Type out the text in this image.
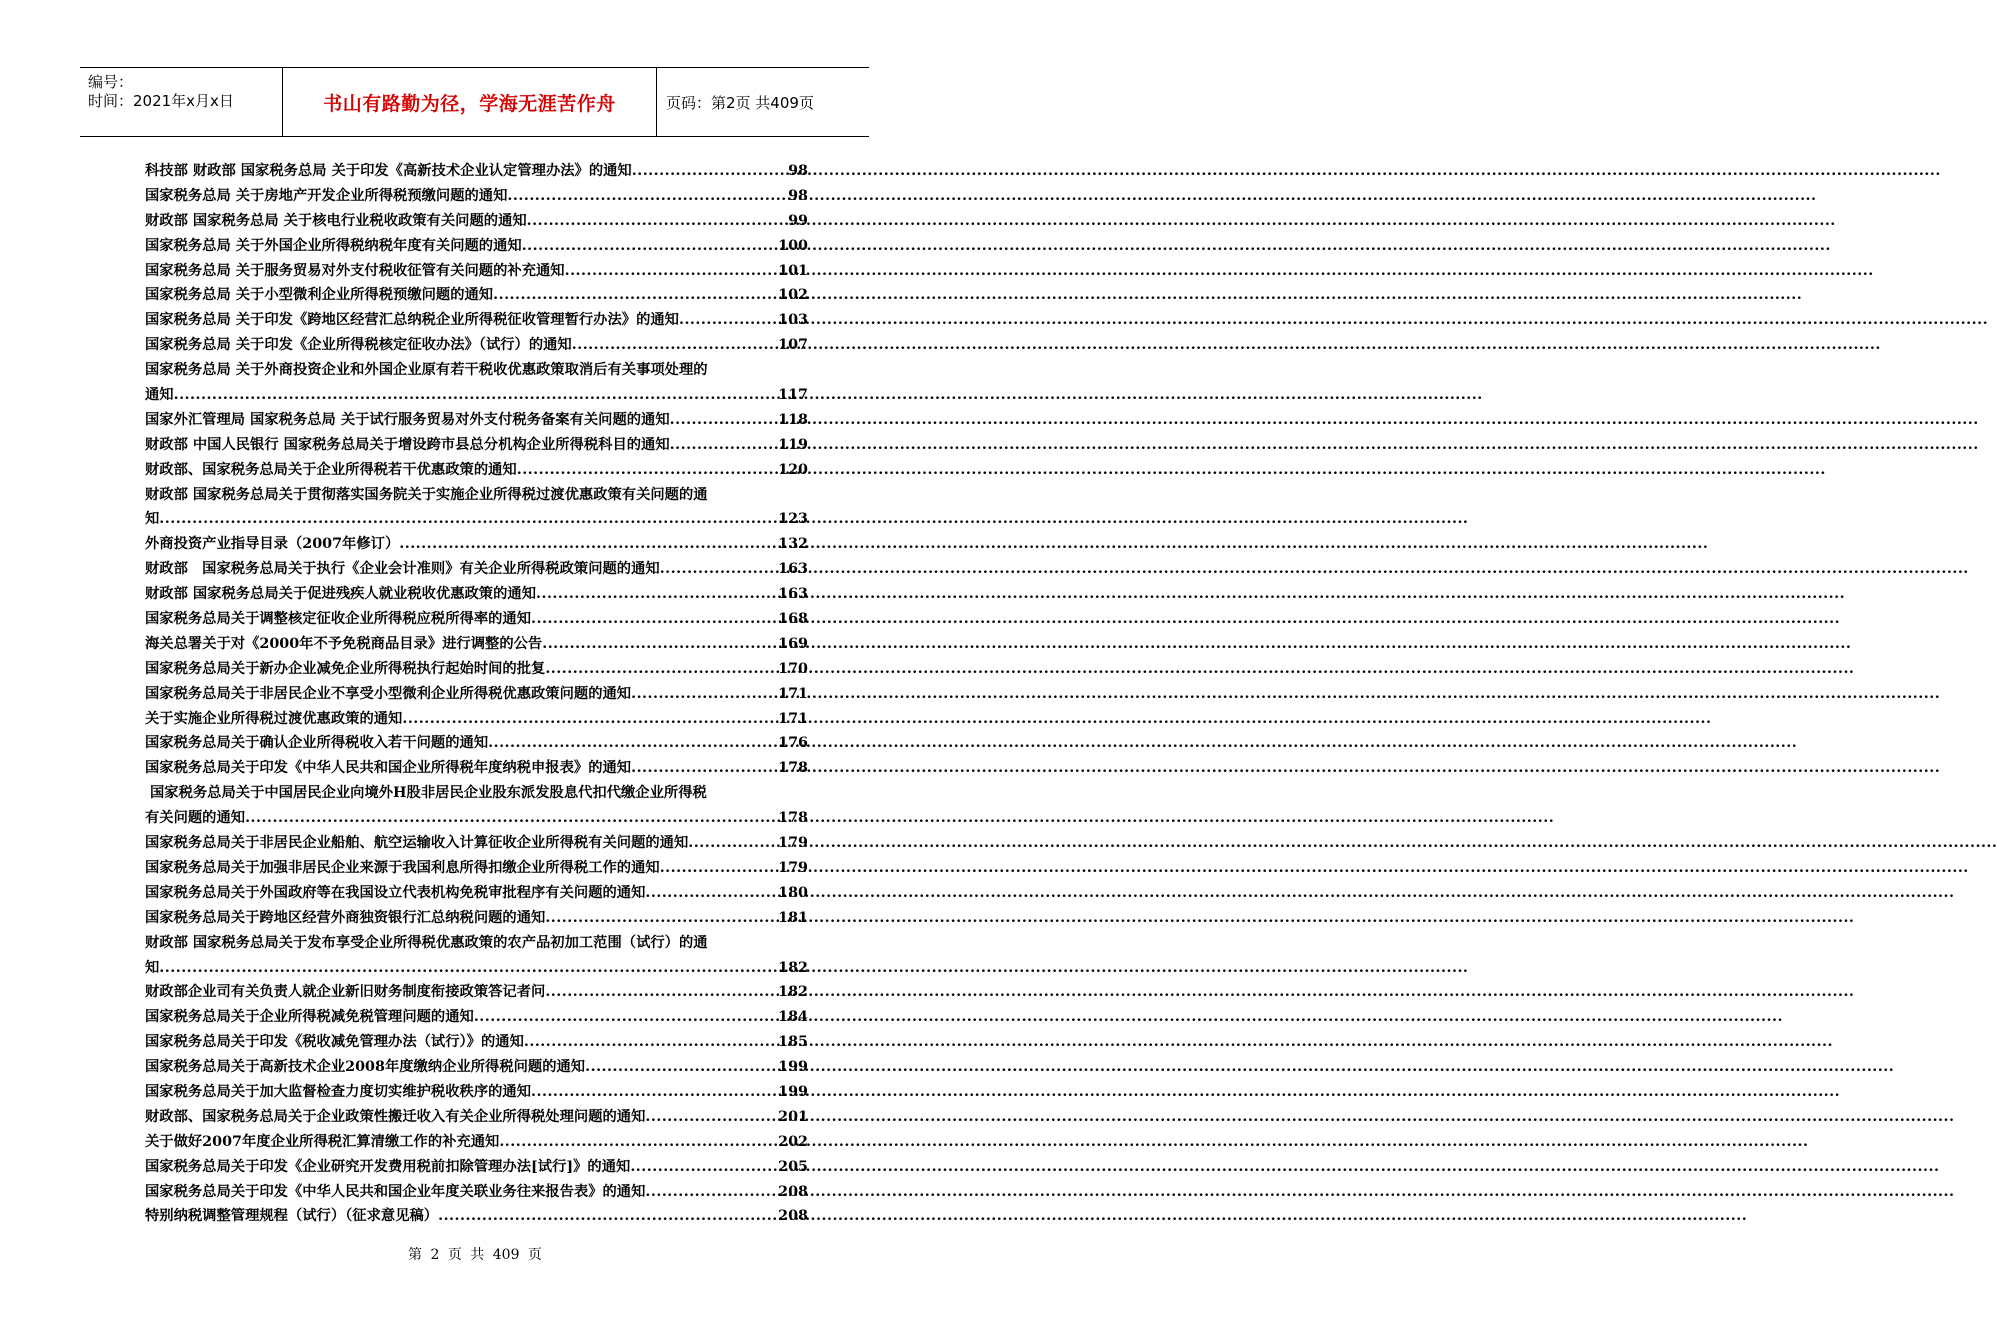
编号：
时间：2021年x月x日	书山有路勤为径，学海无涯苦作舟	页码：第2页 共409页
科技部 财政部 国家税务总局 关于印发《高新技术企业认定管理办法》的通知 .....	98
国家税务总局 关于房地产开发企业所得税预缴问题的通知 .....	98
财政部 国家税务总局 关于核电行业税收政策有关问题的通知 .....	99
国家税务总局 关于外国企业所得税纳税年度有关问题的通知 .....	100
国家税务总局 关于服务贸易对外支付税收征管有关问题的补充通知 .....	101
国家税务总局 关于小型微利企业所得税预缴问题的通知 .....	102
国家税务总局 关于印发《跨地区经营汇总纳税企业所得税征收管理暂行办法》的通知 .....	103
国家税务总局 关于印发《企业所得税核定征收办法》（试行）的通知 .....	107
国家税务总局 关于外商投资企业和外国企业原有若干税收优惠政策取消后有关事项处理的
通知 .....	117
国家外汇管理局 国家税务总局 关于试行服务贸易对外支付税务备案有关问题的通知 .....	118
财政部 中国人民银行 国家税务总局关于增设跨市县总分机构企业所得税科目的通知 .....	119
财政部、国家税务总局关于企业所得税若干优惠政策的通知 .....	120
财政部 国家税务总局关于贯彻落实国务院关于实施企业所得税过渡优惠政策有关问题的通
知 .....	123
外商投资产业指导目录（2007年修订） .....	132
财政部　国家税务总局关于执行《企业会计准则》有关企业所得税政策问题的通知 .....	163
财政部 国家税务总局关于促进残疾人就业税收优惠政策的通知 .....	163
国家税务总局关于调整核定征收企业所得税应税所得率的通知 .....	168
海关总署关于对《2000年不予免税商品目录》进行调整的公告 .....	169
国家税务总局关于新办企业减免企业所得税执行起始时间的批复 .....	170
国家税务总局关于非居民企业不享受小型微利企业所得税优惠政策问题的通知 .....	171
关于实施企业所得税过渡优惠政策的通知 .....	171
国家税务总局关于确认企业所得税收入若干问题的通知 .....	176
国家税务总局关于印发《中华人民共和国企业所得税年度纳税申报表》的通知 .....	178
国家税务总局关于中国居民企业向境外H股非居民企业股东派发股息代扣代缴企业所得税
有关问题的通知 .....	178
国家税务总局关于非居民企业船舶、航空运输收入计算征收企业所得税有关问题的通知 .....	179
国家税务总局关于加强非居民企业来源于我国利息所得扣缴企业所得税工作的通知 .....	179
国家税务总局关于外国政府等在我国设立代表机构免税审批程序有关问题的通知 .....	180
国家税务总局关于跨地区经营外商独资银行汇总纳税问题的通知 .....	181
财政部 国家税务总局关于发布享受企业所得税优惠政策的农产品初加工范围（试行）的通
知 .....	182
财政部企业司有关负责人就企业新旧财务制度衔接政策答记者问 .....	182
国家税务总局关于企业所得税减免税管理问题的通知 .....	184
国家税务总局关于印发《税收减免管理办法（试行）》的通知 .....	185
国家税务总局关于高新技术企业2008年度缴纳企业所得税问题的通知 .....	199
国家税务总局关于加大监督检查力度切实维护税收秩序的通知 .....	199
财政部、国家税务总局关于企业政策性搬迁收入有关企业所得税处理问题的通知 .....	201
关于做好2007年度企业所得税汇算清缴工作的补充通知 .....	202
国家税务总局关于印发《企业研究开发费用税前扣除管理办法[试行]》的通知 .....	205
国家税务总局关于印发《中华人民共和国企业年度关联业务往来报告表》的通知 .....	208
特别纳税调整管理规程（试行）（征求意见稿） .....	208
第 2 页 共 409 页
